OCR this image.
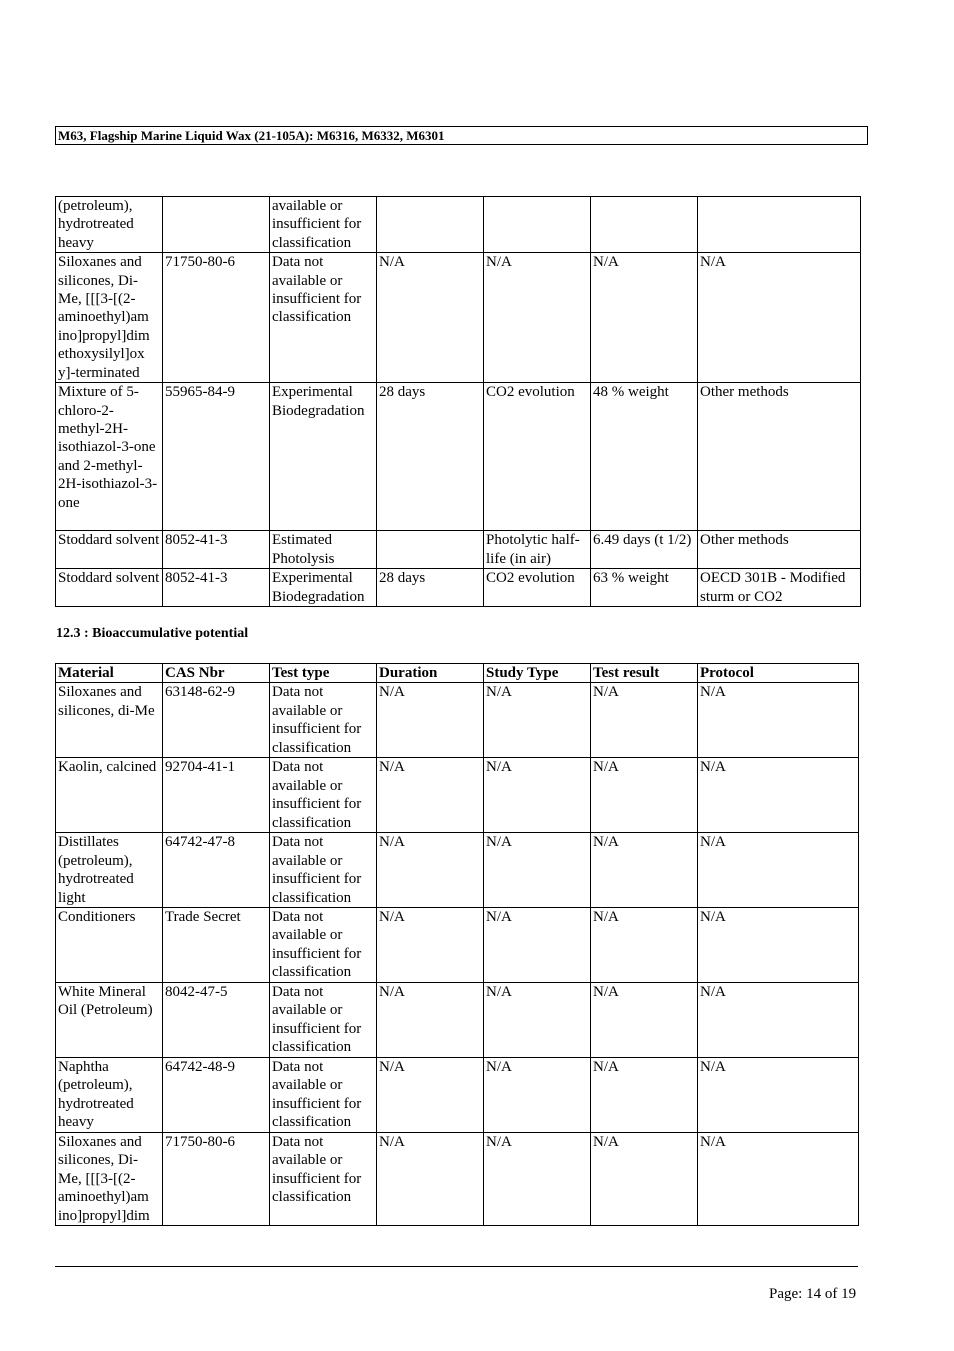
M63, Flagship Marine Liquid Wax (21-105A): M6316, M6332, M6301
(petroleum), hydrotreated heavy		available or insufficient for classification				
Siloxanes and silicones, Di-Me, [[[3-[(2-aminoethyl)am ino]propyl]dim ethoxysilyl]ox y]-terminated	71750-80-6	Data not available or insufficient for classification	N/A	N/A	N/A	N/A
Mixture of 5-chloro-2-methyl-2H-isothiazol-3-one and 2-methyl-2H-isothiazol-3-one	55965-84-9	Experimental Biodegradation	28 days	CO2 evolution	48 % weight	Other methods
Stoddard solvent	8052-41-3	Estimated Photolysis		Photolytic half-life (in air)	6.49 days (t 1/2)	Other methods
Stoddard solvent	8052-41-3	Experimental Biodegradation	28 days	CO2 evolution	63 % weight	OECD 301B - Modified sturm or CO2
12.3 : Bioaccumulative potential
Material	CAS Nbr	Test type	Duration	Study Type	Test result	Protocol
Siloxanes and silicones, di-Me	63148-62-9	Data not available or insufficient for classification	N/A	N/A	N/A	N/A
Kaolin, calcined	92704-41-1	Data not available or insufficient for classification	N/A	N/A	N/A	N/A
Distillates (petroleum), hydrotreated light	64742-47-8	Data not available or insufficient for classification	N/A	N/A	N/A	N/A
Conditioners	Trade Secret	Data not available or insufficient for classification	N/A	N/A	N/A	N/A
White Mineral Oil (Petroleum)	8042-47-5	Data not available or insufficient for classification	N/A	N/A	N/A	N/A
Naphtha (petroleum), hydrotreated heavy	64742-48-9	Data not available or insufficient for classification	N/A	N/A	N/A	N/A
Siloxanes and silicones, Di-Me, [[[3-[(2-aminoethyl)am ino]propyl]dim	71750-80-6	Data not available or insufficient for classification	N/A	N/A	N/A	N/A
Page: 14 of 19
